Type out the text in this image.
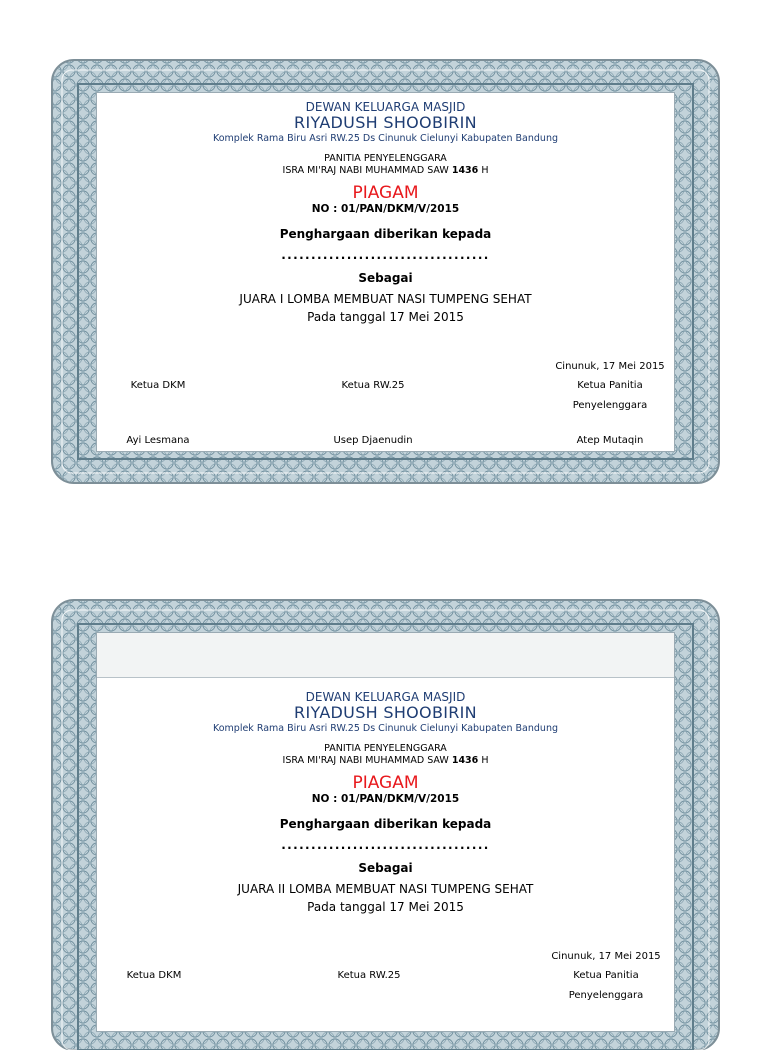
DEWAN KELUARGA MASJID
RIYADUSH SHOOBIRIN
Komplek Rama Biru Asri RW.25 Ds Cinunuk Cielunyi Kabupaten Bandung
PANITIA PENYELENGGARA
ISRA MI'RAJ NABI MUHAMMAD SAW 1436 H
PIAGAM
NO : 01/PAN/DKM/V/2015
Penghargaan diberikan kepada
...................................
Sebagai
JUARA I LOMBA MEMBUAT NASI TUMPENG SEHAT
Pada tanggal 17 Mei 2015
Cinunuk, 17 Mei 2015
Ketua DKM	Ketua RW.25	Ketua Panitia
Penyelenggara
Ayi Lesmana	Usep Djaenudin	Atep Mutaqin
DEWAN KELUARGA MASJID
RIYADUSH SHOOBIRIN
Komplek Rama Biru Asri RW.25 Ds Cinunuk Cielunyi Kabupaten Bandung
PANITIA PENYELENGGARA
ISRA MI'RAJ NABI MUHAMMAD SAW 1436 H
PIAGAM
NO : 01/PAN/DKM/V/2015
Penghargaan diberikan kepada
...................................
Sebagai
JUARA II LOMBA MEMBUAT NASI TUMPENG SEHAT
Pada tanggal 17 Mei 2015
Cinunuk, 17 Mei 2015
Ketua DKM	Ketua RW.25	Ketua Panitia
Penyelenggara
